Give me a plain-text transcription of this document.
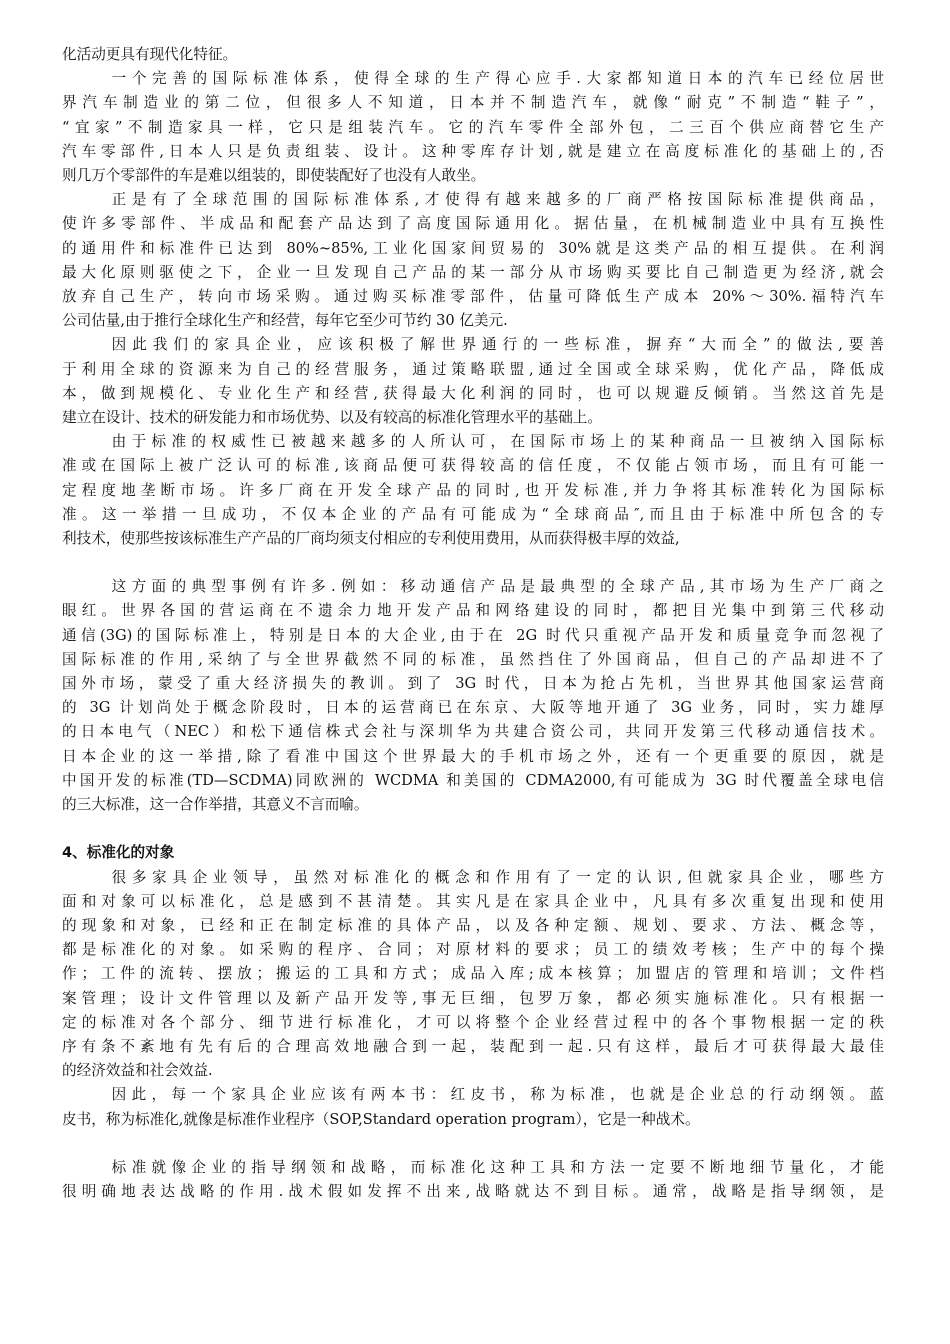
化活动更具有现代化特征。

一个完善的国际标准体系，使得全球的生产得心应手.大家都知道日本的汽车已经位居世
界汽车制造业的第二位，但很多人不知道，日本并不制造汽车，就像“耐克”不制造“鞋子”，
“宜家”不制造家具一样，它只是组装汽车。它的汽车零件全部外包，二三百个供应商替它生产
汽车零部件,日本人只是负责组装、设计。这种零库存计划,就是建立在高度标准化的基础上的,否
则几万个零部件的车是难以组装的，即使装配好了也没有人敢坐。

正是有了全球范围的国际标准体系,才使得有越来越多的厂商严格按国际标准提供商品，
使许多零部件、半成品和配套产品达到了高度国际通用化。据估量，在机械制造业中具有互换性
的通用件和标准件已达到 80%~85%,工业化国家间贸易的 30%就是这类产品的相互提供。在利润
最大化原则驱使之下，企业一旦发现自己产品的某一部分从市场购买要比自己制造更为经济,就会
放弃自己生产，转向市场采购。通过购买标准零部件，估量可降低生产成本 20%～30%.福特汽车
公司估量,由于推行全球化生产和经营，每年它至少可节约 30 亿美元.

因此我们的家具企业，应该积极了解世界通行的一些标准，摒弃“大而全”的做法,要善
于利用全球的资源来为自己的经营服务，通过策略联盟,通过全国或全球采购，优化产品，降低成
本，做到规模化、专业化生产和经营,获得最大化利润的同时，也可以规避反倾销。当然这首先是
建立在设计、技术的研发能力和市场优势、以及有较高的标准化管理水平的基础上。

由于标准的权威性已被越来越多的人所认可，在国际市场上的某种商品一旦被纳入国际标
准或在国际上被广泛认可的标准,该商品便可获得较高的信任度，不仅能占领市场，而且有可能一
定程度地垄断市场。许多厂商在开发全球产品的同时,也开发标准,并力争将其标准转化为国际标
准。这一举措一旦成功，不仅本企业的产品有可能成为“全球商品″,而且由于标准中所包含的专
利技术，使那些按该标准生产产品的厂商均须支付相应的专利使用费用，从而获得极丰厚的效益,

这方面的典型事例有许多.例如：移动通信产品是最典型的全球产品,其市场为生产厂商之
眼红。世界各国的营运商在不遗余力地开发产品和网络建设的同时，都把目光集中到第三代移动
通信(3G)的国际标准上，特别是日本的大企业,由于在 2G 时代只重视产品开发和质量竞争而忽视了
国际标准的作用,采纳了与全世界截然不同的标准，虽然挡住了外国商品，但自己的产品却进不了
国外市场，蒙受了重大经济损失的教训。到了 3G 时代，日本为抢占先机，当世界其他国家运营商
的 3G 计划尚处于概念阶段时，日本的运营商已在东京、大阪等地开通了 3G 业务，同时，实力雄厚
的日本电气（NEC）和松下通信株式会社与深圳华为共建合资公司，共同开发第三代移动通信技术。
日本企业的这一举措,除了看准中国这个世界最大的手机市场之外，还有一个更重要的原因，就是
中国开发的标准(TD—SCDMA)同欧洲的 WCDMA 和美国的 CDMA2000,有可能成为 3G 时代覆盖全球电信
的三大标准，这一合作举措，其意义不言而喻。

4、标准化的对象

很多家具企业领导，虽然对标准化的概念和作用有了一定的认识,但就家具企业，哪些方
面和对象可以标准化，总是感到不甚清楚。其实凡是在家具企业中，凡具有多次重复出现和使用
的现象和对象，已经和正在制定标准的具体产品，以及各种定额、规划、要求、方法、概念等，
都是标准化的对象。如采购的程序、合同；对原材料的要求；员工的绩效考核；生产中的每个操
作；工件的流转、摆放；搬运的工具和方式；成品入库;成本核算；加盟店的管理和培训；文件档
案管理；设计文件管理以及新产品开发等,事无巨细，包罗万象，都必须实施标准化。只有根据一
定的标准对各个部分、细节进行标准化，才可以将整个企业经营过程中的各个事物根据一定的秩
序有条不紊地有先有后的合理高效地融合到一起，装配到一起.只有这样，最后才可获得最大最佳
的经济效益和社会效益.

因此，每一个家具企业应该有两本书：红皮书，称为标准，也就是企业总的行动纲领。蓝
皮书，称为标准化,就像是标准作业程序（SOP,Standard operation program），它是一种战术。

标准就像企业的指导纲领和战略，而标准化这种工具和方法一定要不断地细节量化，才能
很明确地表达战略的作用.战术假如发挥不出来,战略就达不到目标。通常，战略是指导纲领，是
